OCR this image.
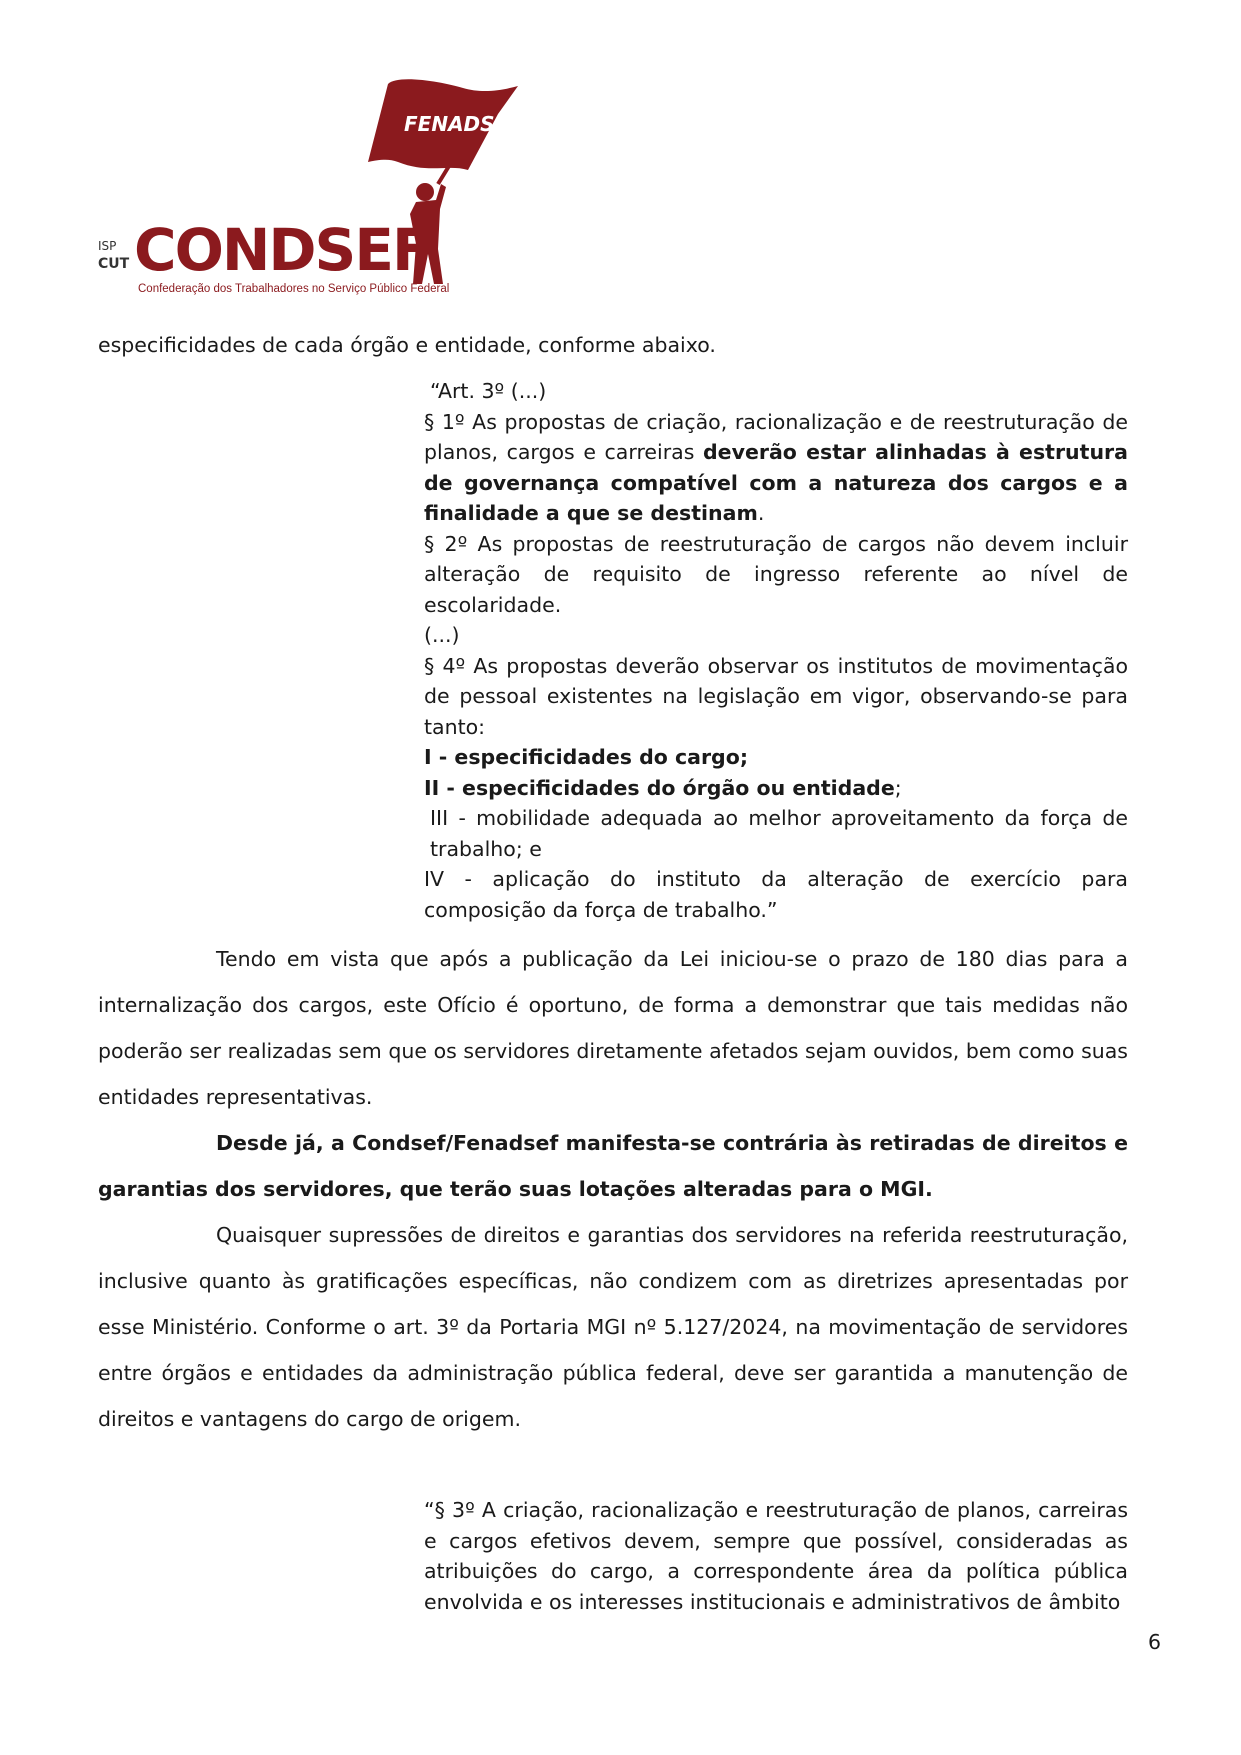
FENADSEF
ISP
CUT CONDSEF
Confederação dos Trabalhadores no Serviço Público Federal
especificidades de cada órgão e entidade, conforme abaixo.

“Art. 3º (...)

§ 1º As propostas de criação, racionalização e de reestruturação de planos, cargos e carreiras deverão estar alinhadas à estrutura de governança compatível com a natureza dos cargos e a finalidade a que se destinam.

§ 2º As propostas de reestruturação de cargos não devem incluir alteração de requisito de ingresso referente ao nível de escolaridade.

(...)

§ 4º As propostas deverão observar os institutos de movimentação de pessoal existentes na legislação em vigor, observando-se para tanto:

I - especificidades do cargo;

II - especificidades do órgão ou entidade;

III - mobilidade adequada ao melhor aproveitamento da força de trabalho; e

IV - aplicação do instituto da alteração de exercício para composição da força de trabalho.”

Tendo em vista que após a publicação da Lei iniciou-se o prazo de 180 dias para a internalização dos cargos, este Ofício é oportuno, de forma a demonstrar que tais medidas não poderão ser realizadas sem que os servidores diretamente afetados sejam ouvidos, bem como suas entidades representativas.

Desde já, a Condsef/Fenadsef manifesta-se contrária às retiradas de direitos e garantias dos servidores, que terão suas lotações alteradas para o MGI.

Quaisquer supressões de direitos e garantias dos servidores na referida reestruturação, inclusive quanto às gratificações específicas, não condizem com as diretrizes apresentadas por esse Ministério. Conforme o art. 3º da Portaria MGI nº 5.127/2024, na movimentação de servidores entre órgãos e entidades da administração pública federal, deve ser garantida a manutenção de direitos e vantagens do cargo de origem.

“§ 3º A criação, racionalização e reestruturação de planos, carreiras e cargos efetivos devem, sempre que possível, consideradas as atribuições do cargo, a correspondente área da política pública envolvida e os interesses institucionais e administrativos de âmbito

6
